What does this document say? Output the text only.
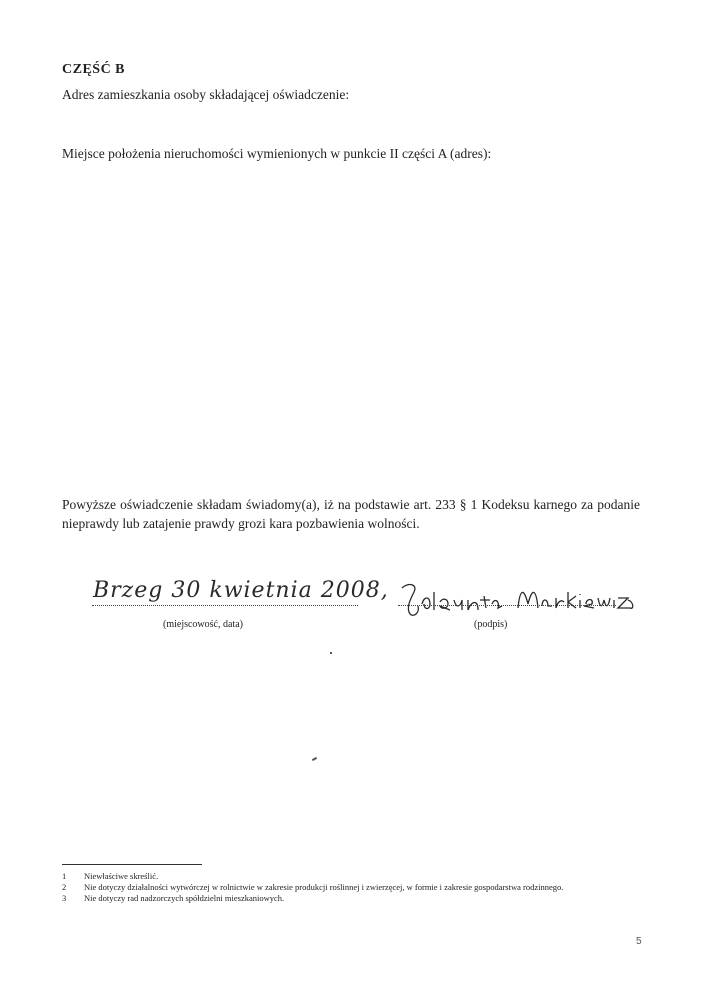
CZĘŚĆ B
Adres zamieszkania osoby składającej oświadczenie:
Miejsce położenia nieruchomości wymienionych w punkcie II części A (adres):
Powyższe oświadczenie składam świadomy(a), iż na podstawie art. 233 § 1 Kodeksu karnego za podanie nieprawdy lub zatajenie prawdy grozi kara pozbawienia wolności.
Brzeg 30 kwietnia 2008,
(miejscowość, data)	(podpis)
1 Niewłaściwe skreślić.
2 Nie dotyczy działalności wytwórczej w rolnictwie w zakresie produkcji roślinnej i zwierzęcej, w formie i zakresie gospodarstwa rodzinnego.
3 Nie dotyczy rad nadzorczych spółdzielni mieszkaniowych.
5
